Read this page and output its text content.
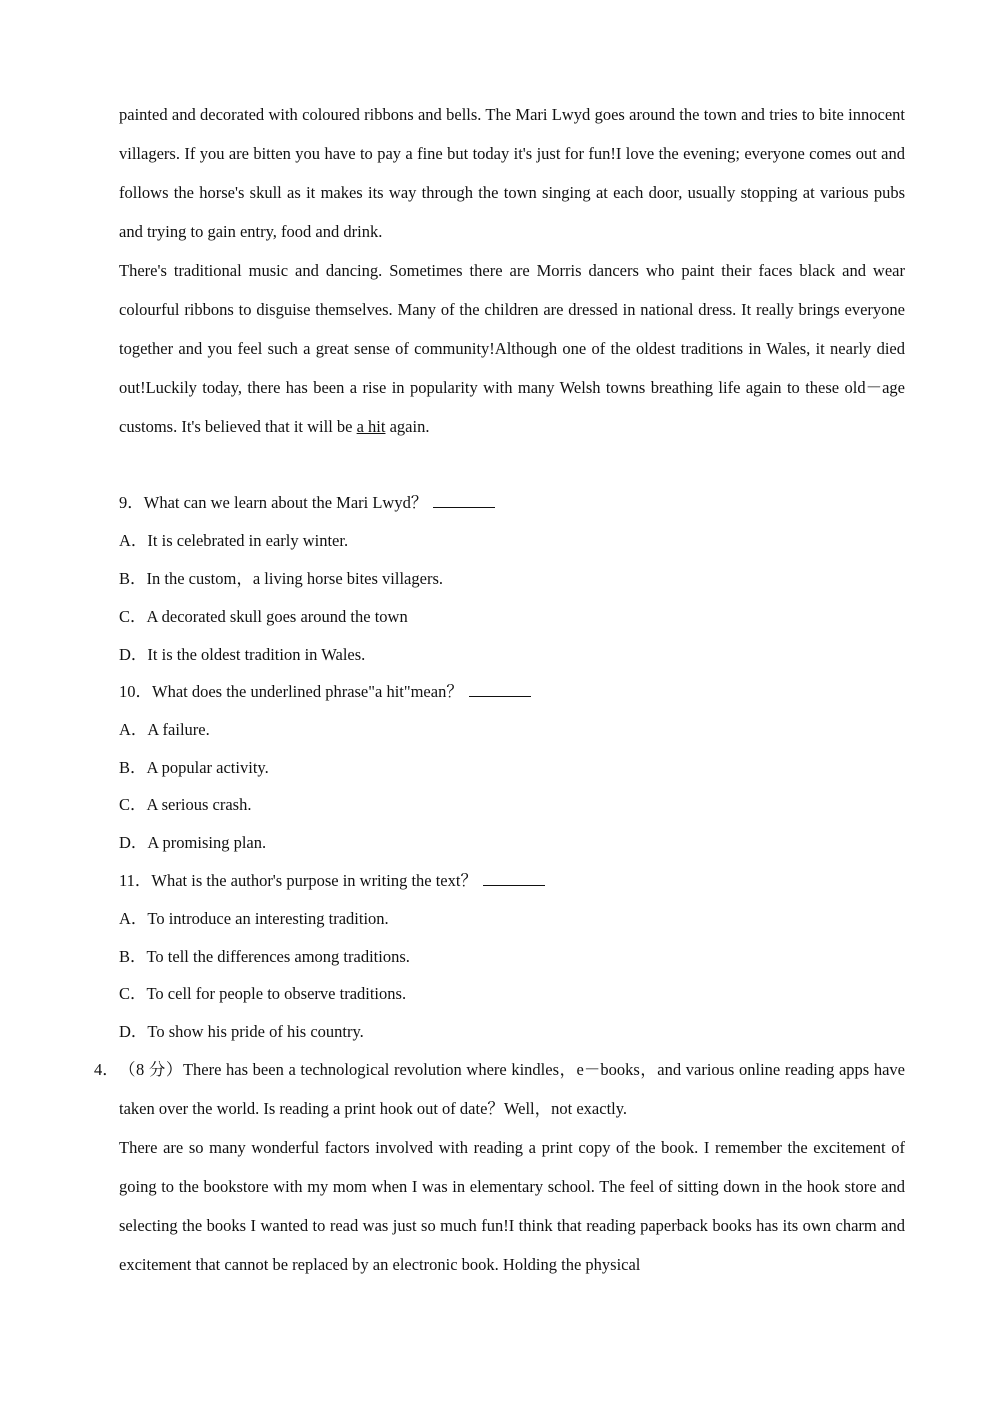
painted and decorated with coloured ribbons and bells. The Mari Lwyd goes around the town and tries to bite innocent villagers. If you are bitten you have to pay a fine but today it's just for fun!I love the evening; everyone comes out and follows the horse's skull as it makes its way through the town singing at each door, usually stopping at various pubs and trying to gain entry, food and drink.

There's traditional music and dancing. Sometimes there are Morris dancers who paint their faces black and wear colourful ribbons to disguise themselves. Many of the children are dressed in national dress. It really brings everyone together and you feel such a great sense of community!Although one of the oldest traditions in Wales, it nearly died out!Luckily today, there has been a rise in popularity with many Welsh towns breathing life again to these old－age customs. It's believed that it will be a hit again.

9．What can we learn about the Mari Lwyd？

A．It is celebrated in early winter.

B．In the custom，a living horse bites villagers.

C．A decorated skull goes around the town

D．It is the oldest tradition in Wales.

10．What does the underlined phrase"a hit"mean？

A．A failure.

B．A popular activity.

C．A serious crash.

D．A promising plan.

11．What is the author's purpose in writing the text？

A．To introduce an interesting tradition.

B．To tell the differences among traditions.

C．To cell for people to observe traditions.

D．To show his pride of his country.

4． （8 分）There has been a technological revolution where kindles，e－books，and various online reading apps have taken over the world. Is reading a print hook out of date？Well，not exactly.

There are so many wonderful factors involved with reading a print copy of the book. I remember the excitement of going to the bookstore with my mom when I was in elementary school. The feel of sitting down in the hook store and selecting the books I wanted to read was just so much fun!I think that reading paperback books has its own charm and excitement that cannot be replaced by an electronic book. Holding the physical
